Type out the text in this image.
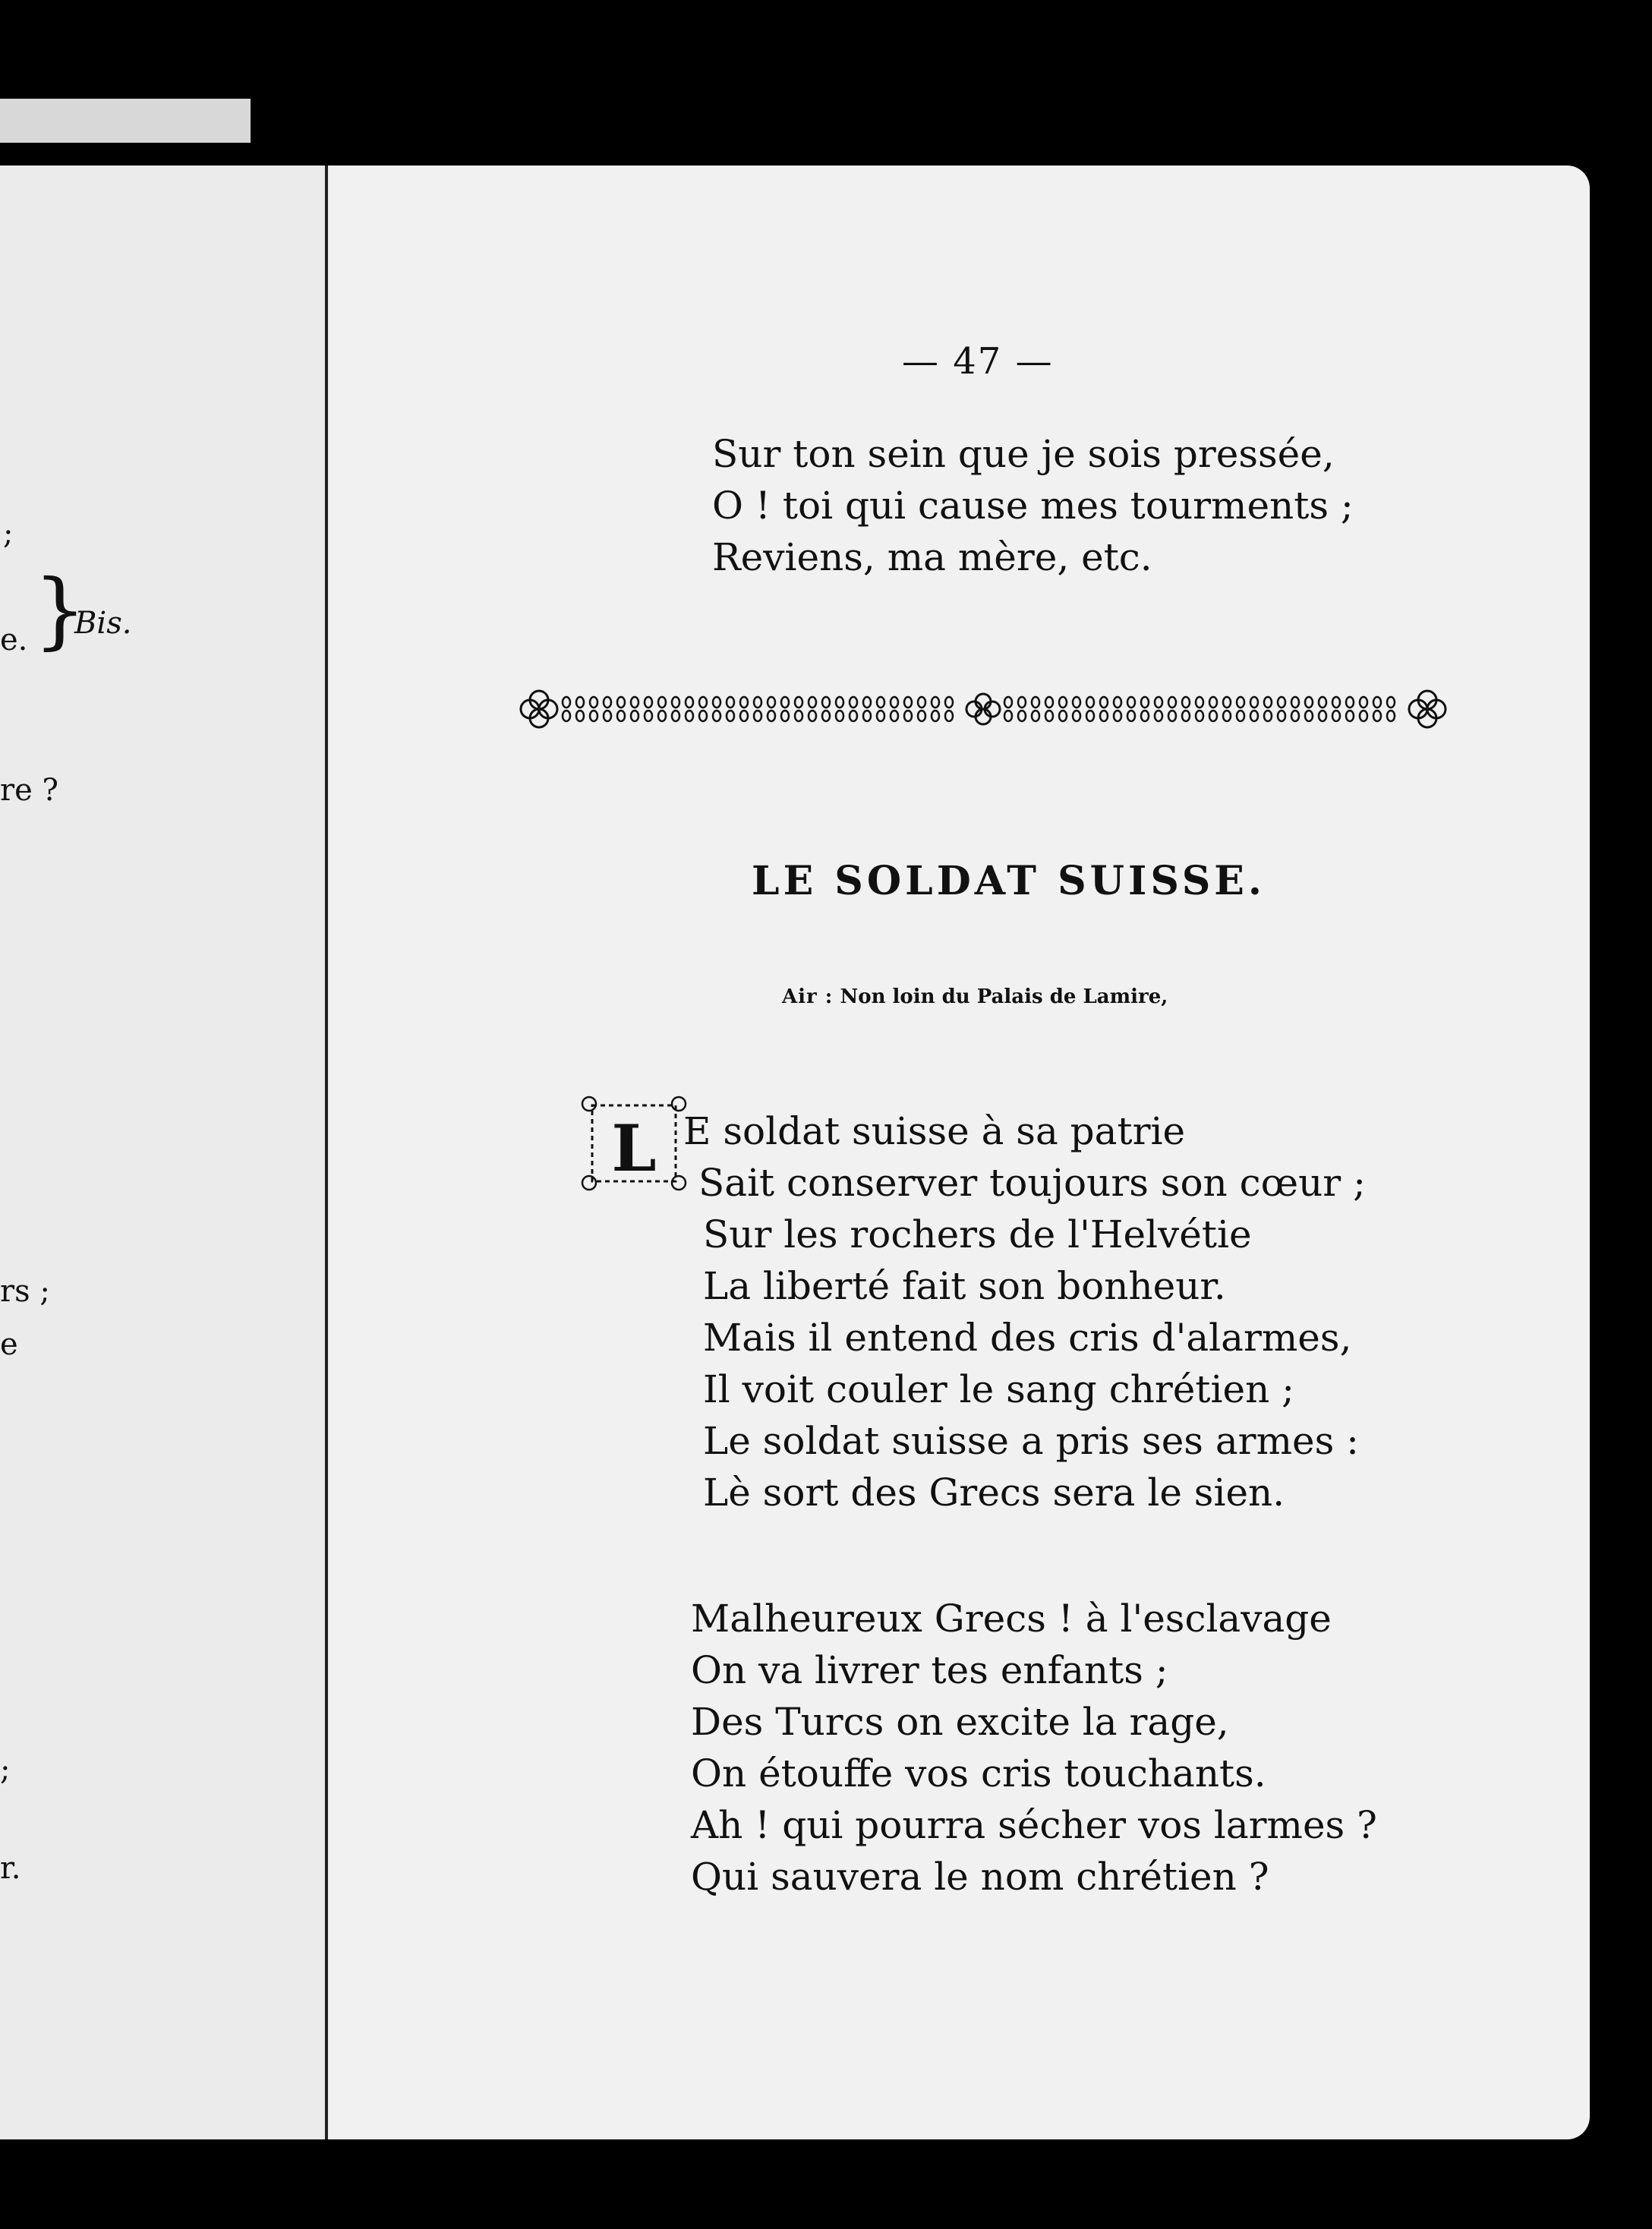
;
e. }
Bis.
re ?
rs ;
e
;
r.
— 47 —
Sur ton sein que je sois pressée,
O ! toi qui cause mes tourments ;
Reviens, ma mère, etc.
LE SOLDAT SUISSE.
Air : Non loin du Palais de Lamire,
L E soldat suisse à sa patrie
Sait conserver toujours son cœur ;
Sur les rochers de l'Helvétie
La liberté fait son bonheur.
Mais il entend des cris d'alarmes,
Il voit couler le sang chrétien ;
Le soldat suisse a pris ses armes :
Lè sort des Grecs sera le sien.
Malheureux Grecs ! à l'esclavage
On va livrer tes enfants ;
Des Turcs on excite la rage,
On étouffe vos cris touchants.
Ah ! qui pourra sécher vos larmes ?
Qui sauvera le nom chrétien ?
